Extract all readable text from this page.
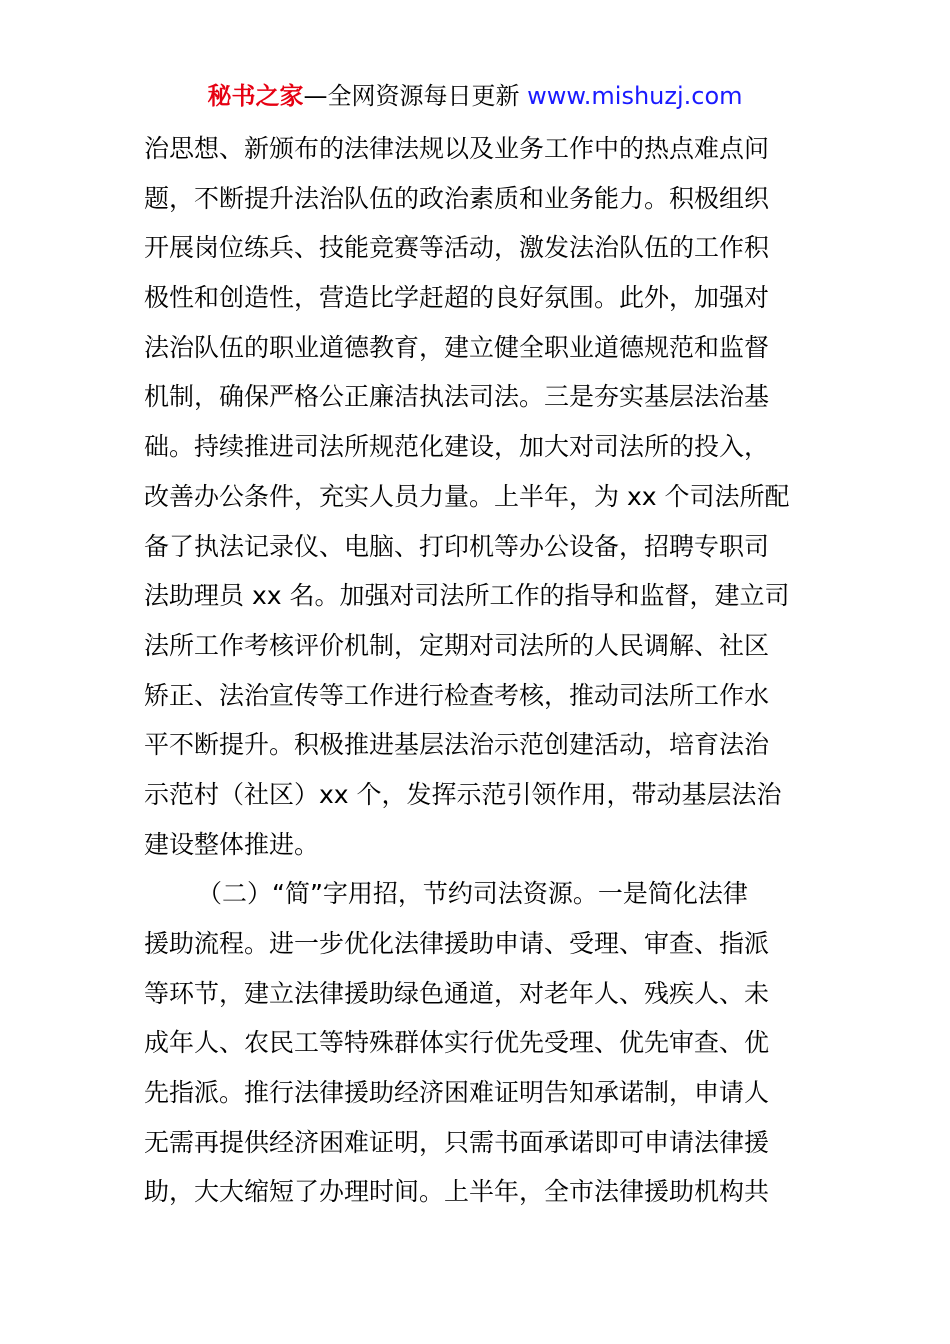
秘书之家—全网资源每日更新 www.mishuzj.com
治思想、新颁布的法律法规以及业务工作中的热点难点问
题，不断提升法治队伍的政治素质和业务能力。积极组织
开展岗位练兵、技能竞赛等活动，激发法治队伍的工作积
极性和创造性，营造比学赶超的良好氛围。此外，加强对
法治队伍的职业道德教育，建立健全职业道德规范和监督
机制，确保严格公正廉洁执法司法。三是夯实基层法治基
础。持续推进司法所规范化建设，加大对司法所的投入，
改善办公条件，充实人员力量。上半年，为 xx 个司法所配
备了执法记录仪、电脑、打印机等办公设备，招聘专职司
法助理员 xx 名。加强对司法所工作的指导和监督，建立司
法所工作考核评价机制，定期对司法所的人民调解、社区
矫正、法治宣传等工作进行检查考核，推动司法所工作水
平不断提升。积极推进基层法治示范创建活动，培育法治
示范村（社区）xx 个，发挥示范引领作用，带动基层法治
建设整体推进。
（二）“简”字用招，节约司法资源。一是简化法律
援助流程。进一步优化法律援助申请、受理、审查、指派
等环节，建立法律援助绿色通道，对老年人、残疾人、未
成年人、农民工等特殊群体实行优先受理、优先审查、优
先指派。推行法律援助经济困难证明告知承诺制，申请人
无需再提供经济困难证明，只需书面承诺即可申请法律援
助，大大缩短了办理时间。上半年，全市法律援助机构共
